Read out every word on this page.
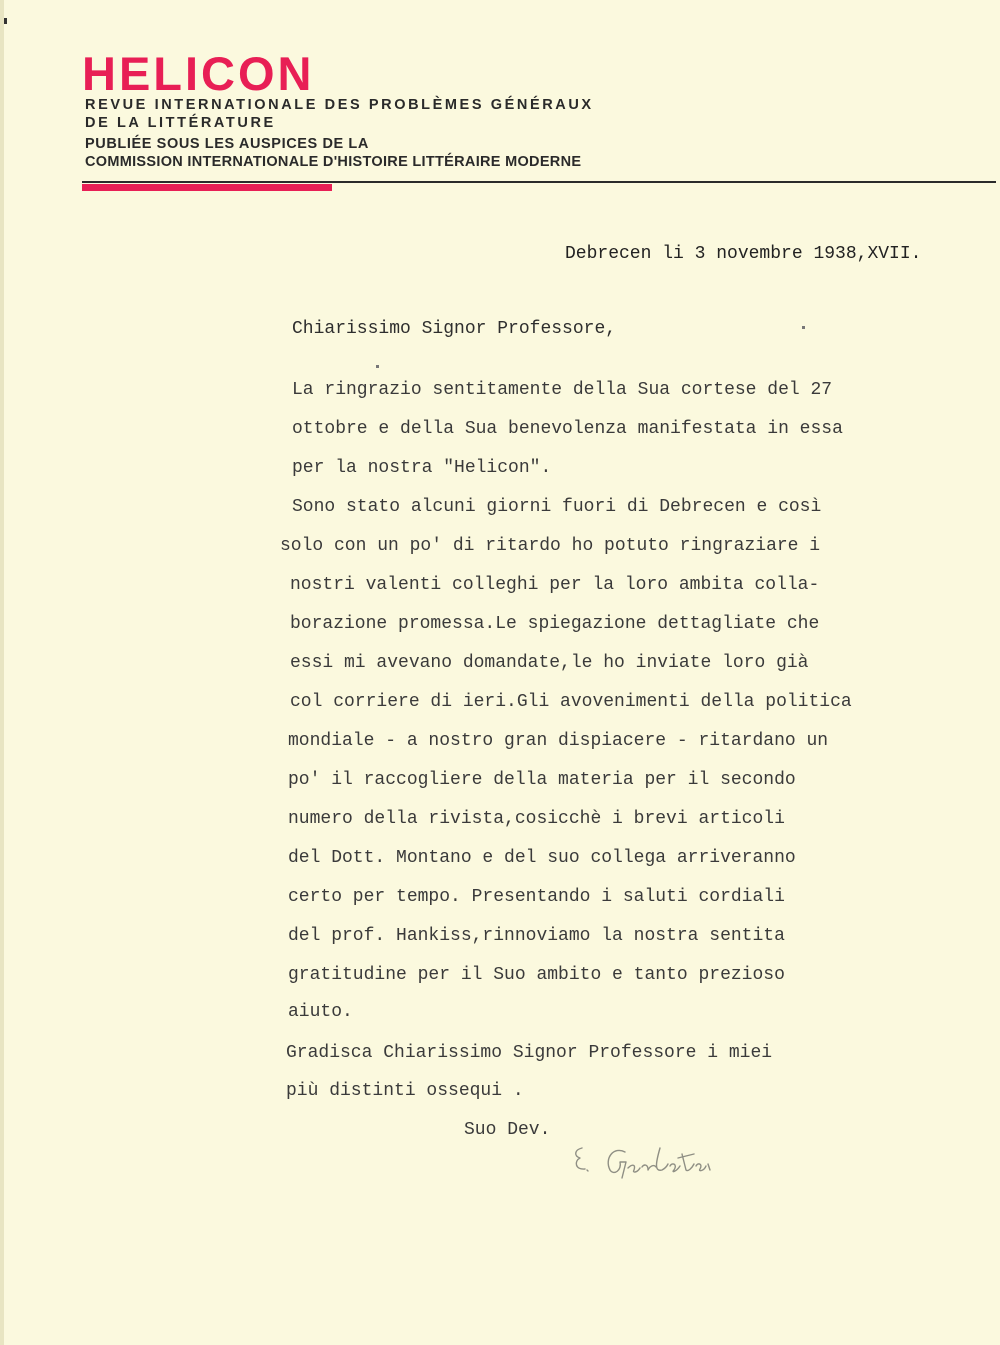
HELICON
REVUE INTERNATIONALE DES PROBLÈMES GÉNÉRAUX
DE LA LITTÉRATURE
PUBLIÉE SOUS LES AUSPICES DE LA
COMMISSION INTERNATIONALE D'HISTOIRE LITTÉRAIRE MODERNE
Debrecen li 3 novembre 1938,XVII.
Chiarissimo Signor Professore,
La ringrazio sentitamente della Sua cortese del 27
ottobre e della Sua benevolenza manifestata in essa
per la nostra "Helicon".
Sono stato alcuni giorni fuori di Debrecen e così
solo con un po' di ritardo ho potuto ringraziare i
nostri valenti colleghi per la loro ambita colla-
borazione promessa.Le spiegazione dettagliate che
essi mi avevano domandate,le ho inviate loro già
col corriere di ieri.Gli avovenimenti della politica
mondiale - a nostro gran dispiacere - ritardano un
po' il raccogliere della materia per il secondo
numero della rivista,cosicchè i brevi articoli
del Dott. Montano e del suo collega arriveranno
certo per tempo. Presentando i saluti cordiali
del prof. Hankiss,rinnoviamo la nostra sentita
gratitudine per il Suo ambito e tanto prezioso
aiuto.
Gradisca Chiarissimo Signor Professore i miei
più distinti ossequi .
Suo Dev.
